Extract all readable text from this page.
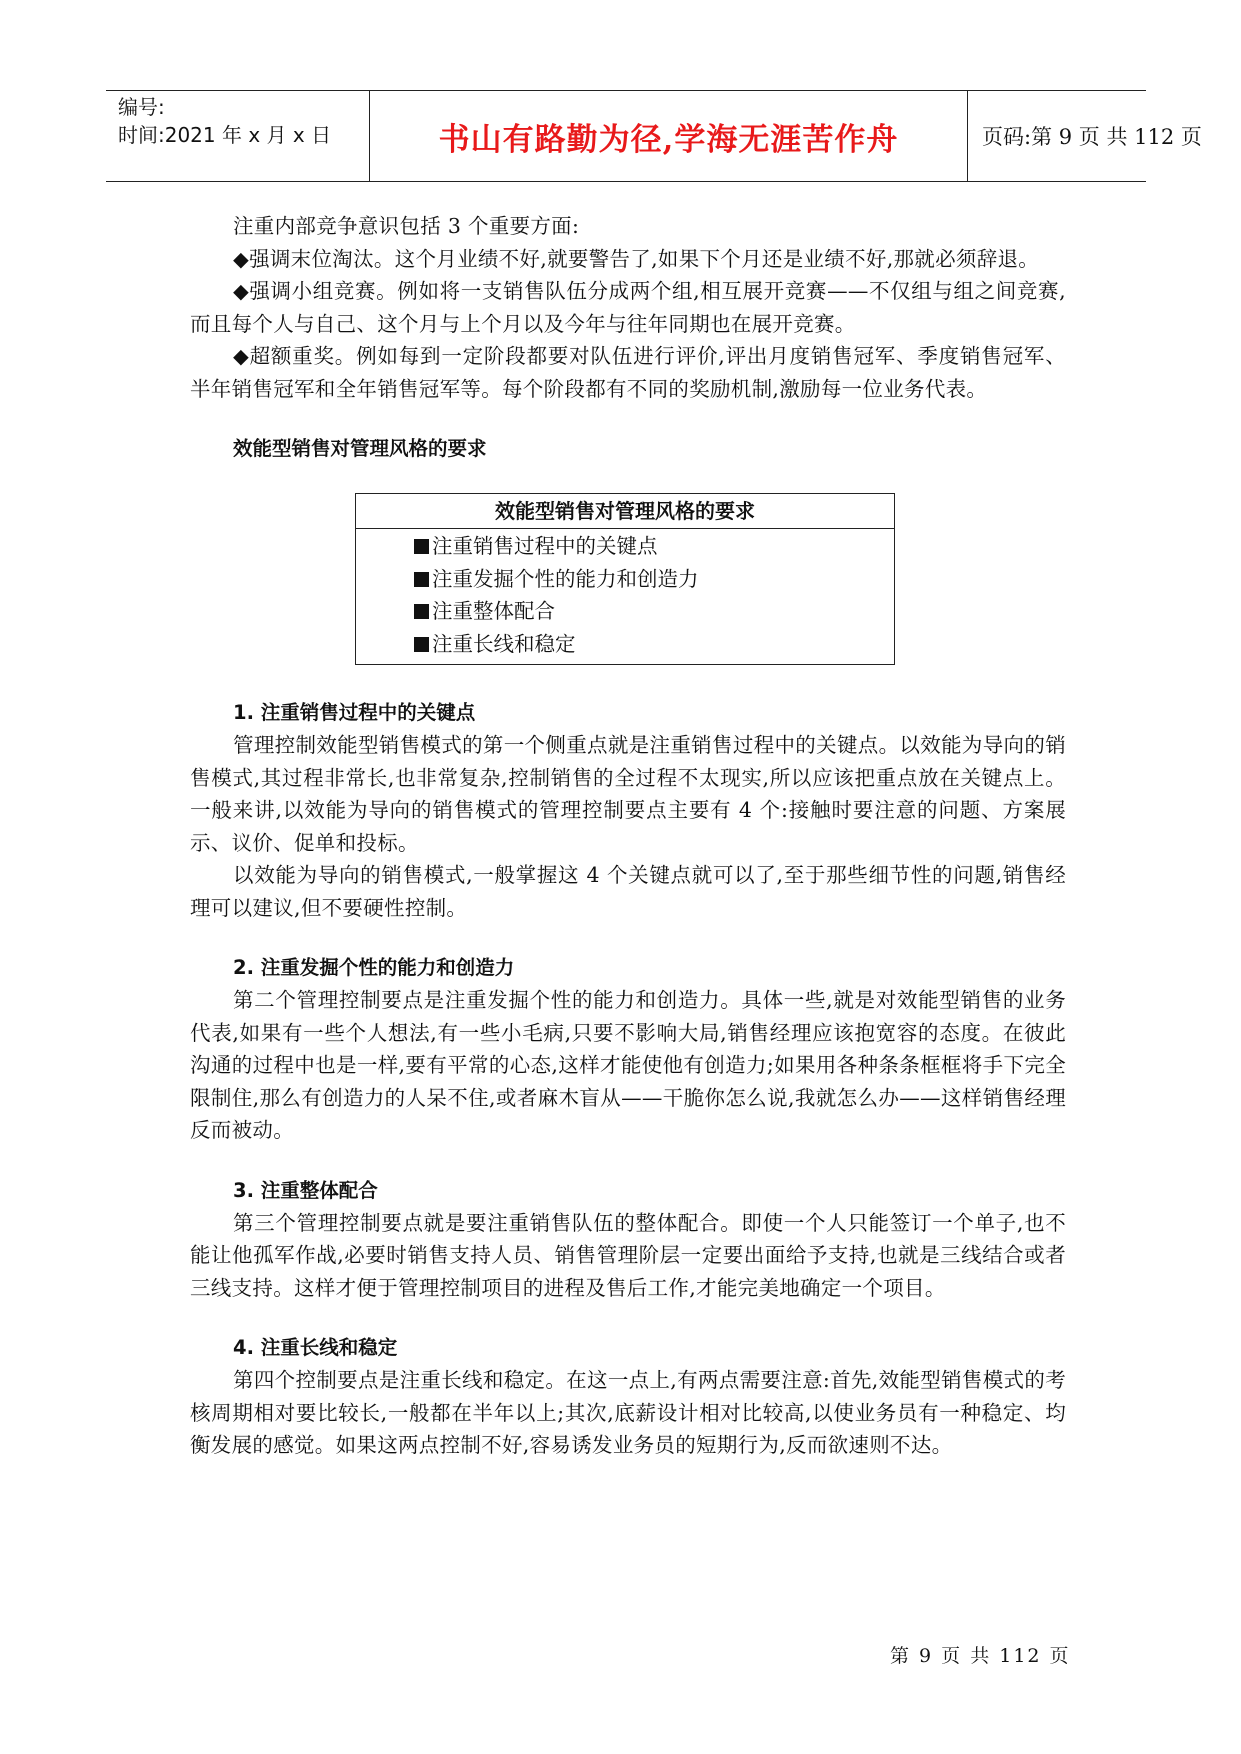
编号:
时间:2021 年 x 月 x 日	书山有路勤为径,学海无涯苦作舟	页码:第 9 页 共 112 页

注重内部竞争意识包括 3 个重要方面:

◆强调末位淘汰。这个月业绩不好,就要警告了,如果下个月还是业绩不好,那就必须辞退。

◆强调小组竞赛。例如将一支销售队伍分成两个组,相互展开竞赛——不仅组与组之间竞赛,而且每个人与自己、这个月与上个月以及今年与往年同期也在展开竞赛。

◆超额重奖。例如每到一定阶段都要对队伍进行评价,评出月度销售冠军、季度销售冠军、半年销售冠军和全年销售冠军等。每个阶段都有不同的奖励机制,激励每一位业务代表。

效能型销售对管理风格的要求

效能型销售对管理风格的要求
注重销售过程中的关键点
注重发掘个性的能力和创造力
注重整体配合
注重长线和稳定

1. 注重销售过程中的关键点

管理控制效能型销售模式的第一个侧重点就是注重销售过程中的关键点。以效能为导向的销售模式,其过程非常长,也非常复杂,控制销售的全过程不太现实,所以应该把重点放在关键点上。一般来讲,以效能为导向的销售模式的管理控制要点主要有 4 个:接触时要注意的问题、方案展示、议价、促单和投标。

以效能为导向的销售模式,一般掌握这 4 个关键点就可以了,至于那些细节性的问题,销售经理可以建议,但不要硬性控制。

2. 注重发掘个性的能力和创造力

第二个管理控制要点是注重发掘个性的能力和创造力。具体一些,就是对效能型销售的业务代表,如果有一些个人想法,有一些小毛病,只要不影响大局,销售经理应该抱宽容的态度。在彼此沟通的过程中也是一样,要有平常的心态,这样才能使他有创造力;如果用各种条条框框将手下完全限制住,那么有创造力的人呆不住,或者麻木盲从——干脆你怎么说,我就怎么办——这样销售经理反而被动。

3. 注重整体配合

第三个管理控制要点就是要注重销售队伍的整体配合。即使一个人只能签订一个单子,也不能让他孤军作战,必要时销售支持人员、销售管理阶层一定要出面给予支持,也就是三线结合或者三线支持。这样才便于管理控制项目的进程及售后工作,才能完美地确定一个项目。

4. 注重长线和稳定

第四个控制要点是注重长线和稳定。在这一点上,有两点需要注意:首先,效能型销售模式的考核周期相对要比较长,一般都在半年以上;其次,底薪设计相对比较高,以使业务员有一种稳定、均衡发展的感觉。如果这两点控制不好,容易诱发业务员的短期行为,反而欲速则不达。

第 9 页 共 112 页
